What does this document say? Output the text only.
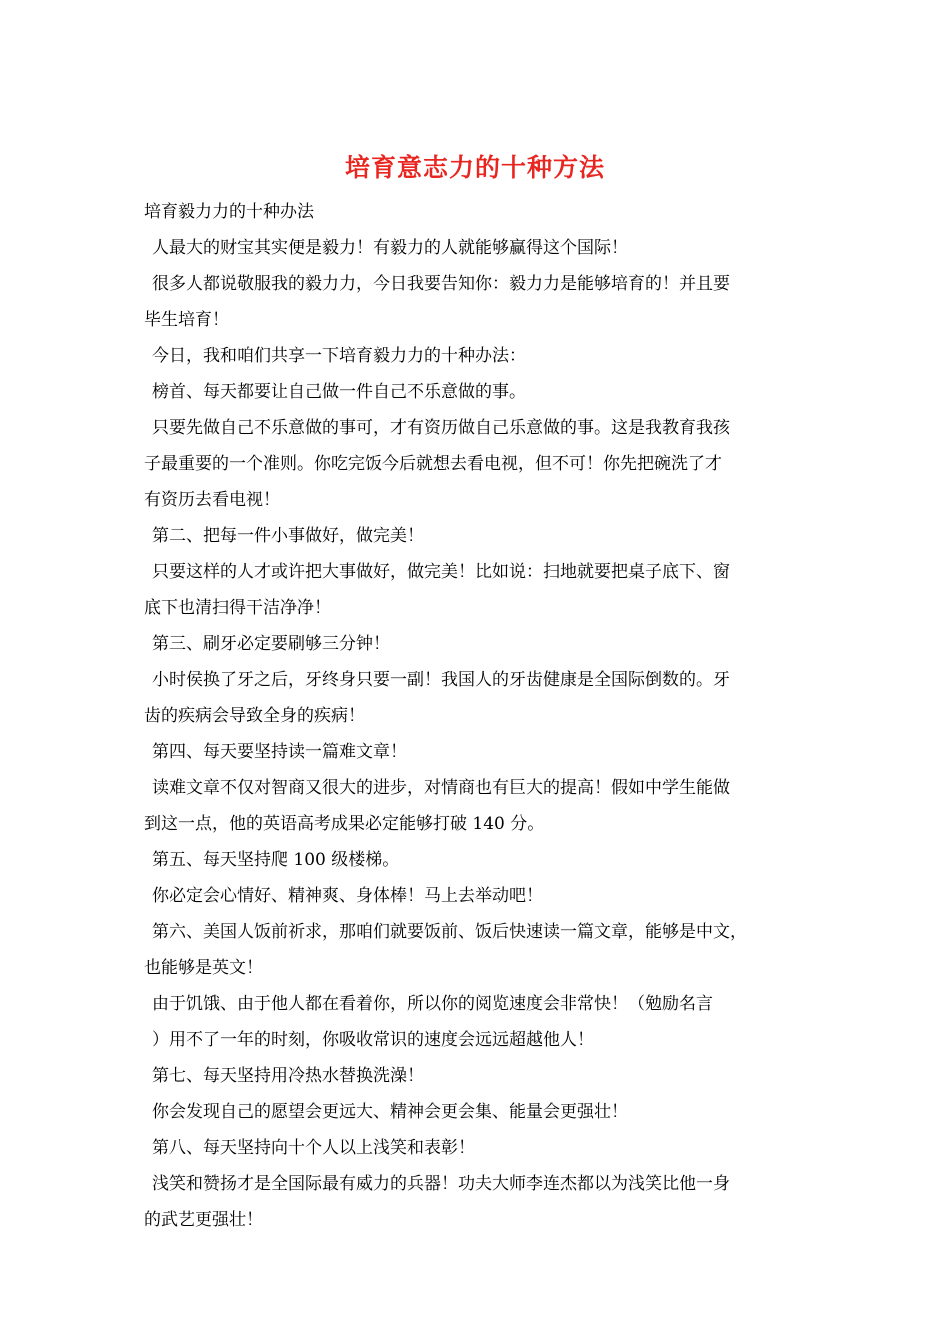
培育意志力的十种方法
培育毅力力的十种办法
人最大的财宝其实便是毅力！有毅力的人就能够赢得这个国际！
很多人都说敬服我的毅力力，今日我要告知你：毅力力是能够培育的！并且要
毕生培育！
今日，我和咱们共享一下培育毅力力的十种办法：
榜首、每天都要让自己做一件自己不乐意做的事。
只要先做自己不乐意做的事可，才有资历做自己乐意做的事。这是我教育我孩
子最重要的一个准则。你吃完饭今后就想去看电视，但不可！你先把碗洗了才
有资历去看电视！
第二、把每一件小事做好，做完美！
只要这样的人才或许把大事做好，做完美！比如说：扫地就要把桌子底下、窗
底下也清扫得干洁净净！
第三、刷牙必定要刷够三分钟！
小时侯换了牙之后，牙终身只要一副！我国人的牙齿健康是全国际倒数的。牙
齿的疾病会导致全身的疾病！
第四、每天要坚持读一篇难文章！
读难文章不仅对智商又很大的进步，对情商也有巨大的提高！假如中学生能做
到这一点，他的英语高考成果必定能够打破 140 分。
第五、每天坚持爬 100 级楼梯。
你必定会心情好、精神爽、身体棒！马上去举动吧！
第六、美国人饭前祈求，那咱们就要饭前、饭后快速读一篇文章，能够是中文，
也能够是英文！
由于饥饿、由于他人都在看着你，所以你的阅览速度会非常快！（勉励名言
）用不了一年的时刻，你吸收常识的速度会远远超越他人！
第七、每天坚持用冷热水替换洗澡！
你会发现自己的愿望会更远大、精神会更会集、能量会更强壮！
第八、每天坚持向十个人以上浅笑和表彰！
浅笑和赞扬才是全国际最有威力的兵器！功夫大师李连杰都以为浅笑比他一身
的武艺更强壮！
